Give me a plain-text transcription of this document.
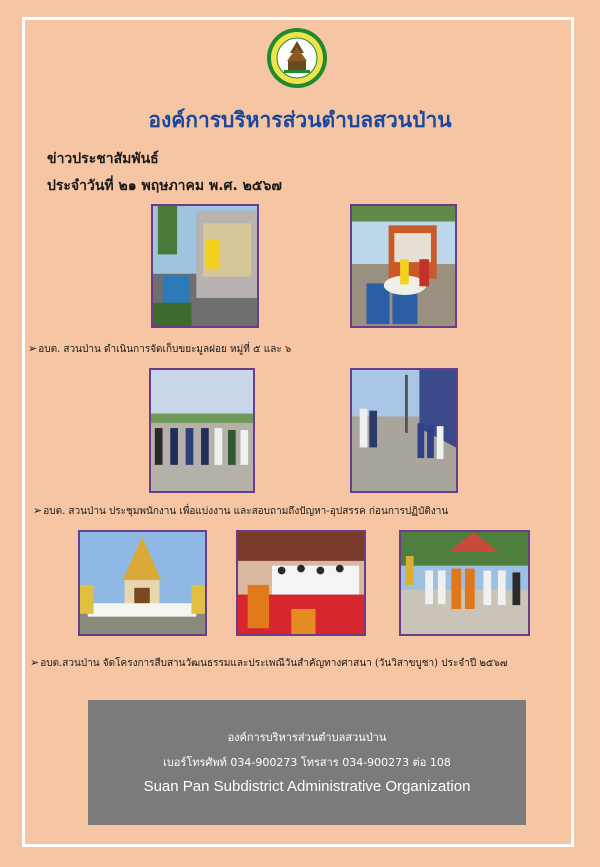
องค์การบริหารส่วนตำบลสวนป่าน
ข่าวประชาสัมพันธ์
ประจำวันที่ ๒๑ พฤษภาคม พ.ศ. ๒๕๖๗
➢อบต. สวนป่าน ดำเนินการจัดเก็บขยะมูลฝอย หมู่ที่ ๕ และ ๖
➢อบต. สวนป่าน ประชุมพนักงาน เพื่อแบ่งงาน และสอบถามถึงปัญหา-อุปสรรค ก่อนการปฏิบัติงาน
➢อบต.สวนป่าน จัดโครงการสืบสานวัฒนธรรมและประเพณีวันสำคัญทางศาสนา (วันวิสาขบูชา) ประจำปี ๒๕๖๗
องค์การบริหารส่วนตำบลสวนป่าน
เบอร์โทรศัพท์ 034-900273 โทรสาร 034-900273 ต่อ 108
Suan Pan Subdistrict Administrative Organization
